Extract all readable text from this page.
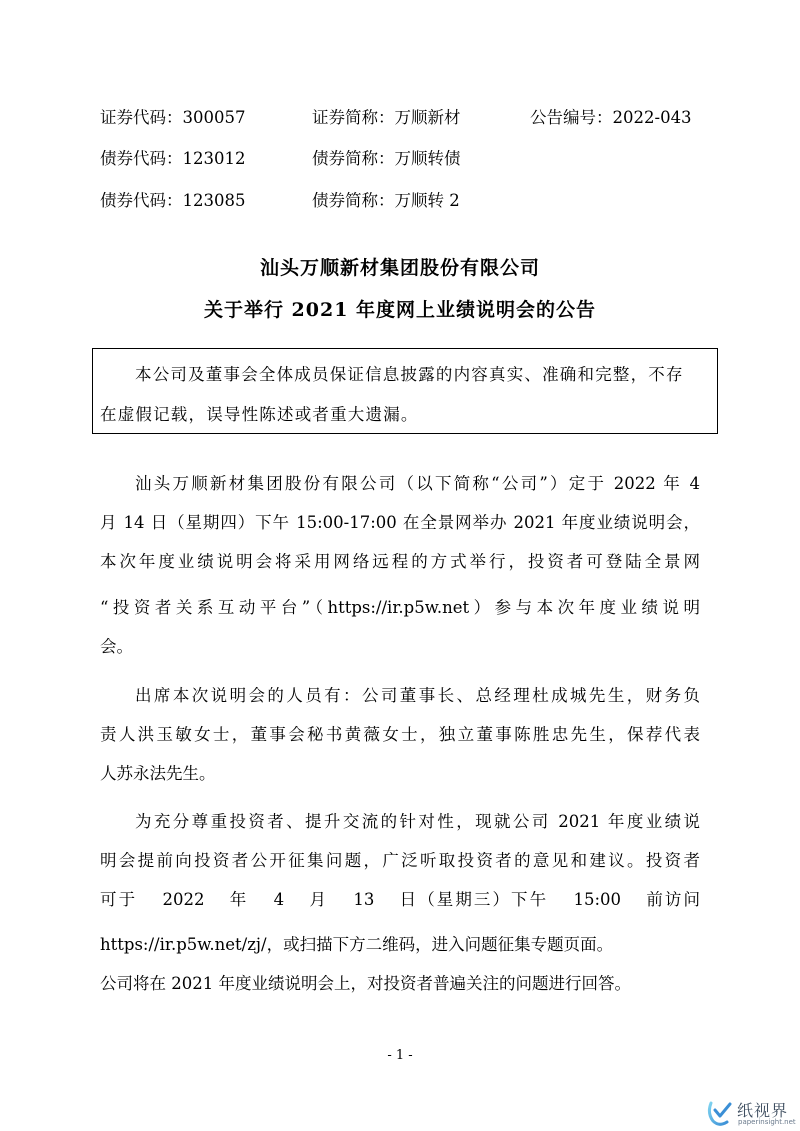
证券代码：300057	证券简称：万顺新材	公告编号：2022-043
债券代码：123012	债券简称：万顺转债
债券代码：123085	债券简称：万顺转 2
汕头万顺新材集团股份有限公司
关于举行 2021 年度网上业绩说明会的公告
本公司及董事会全体成员保证信息披露的内容真实、准确和完整，不存
在虚假记载，误导性陈述或者重大遗漏。
汕头万顺新材集团股份有限公司（以下简称“公司”）定于 2022 年 4
月 14 日（星期四）下午 15:00-17:00 在全景网举办 2021 年度业绩说明会，
本次年度业绩说明会将采用网络远程的方式举行，投资者可登陆全景网
“投资者关系互动平台”（https://ir.p5w.net）参与本次年度业绩说明
会。
出席本次说明会的人员有：公司董事长、总经理杜成城先生，财务负
责人洪玉敏女士，董事会秘书黄薇女士，独立董事陈胜忠先生，保荐代表
人苏永法先生。
为充分尊重投资者、提升交流的针对性，现就公司 2021 年度业绩说
明会提前向投资者公开征集问题，广泛听取投资者的意见和建议。投资者
可于 2022 年 4 月 13 日（星期三）下午 15:00 前访问
https://ir.p5w.net/zj/，或扫描下方二维码，进入问题征集专题页面。
公司将在 2021 年度业绩说明会上，对投资者普遍关注的问题进行回答。
- 1 -
纸视界
paperinsight.net
